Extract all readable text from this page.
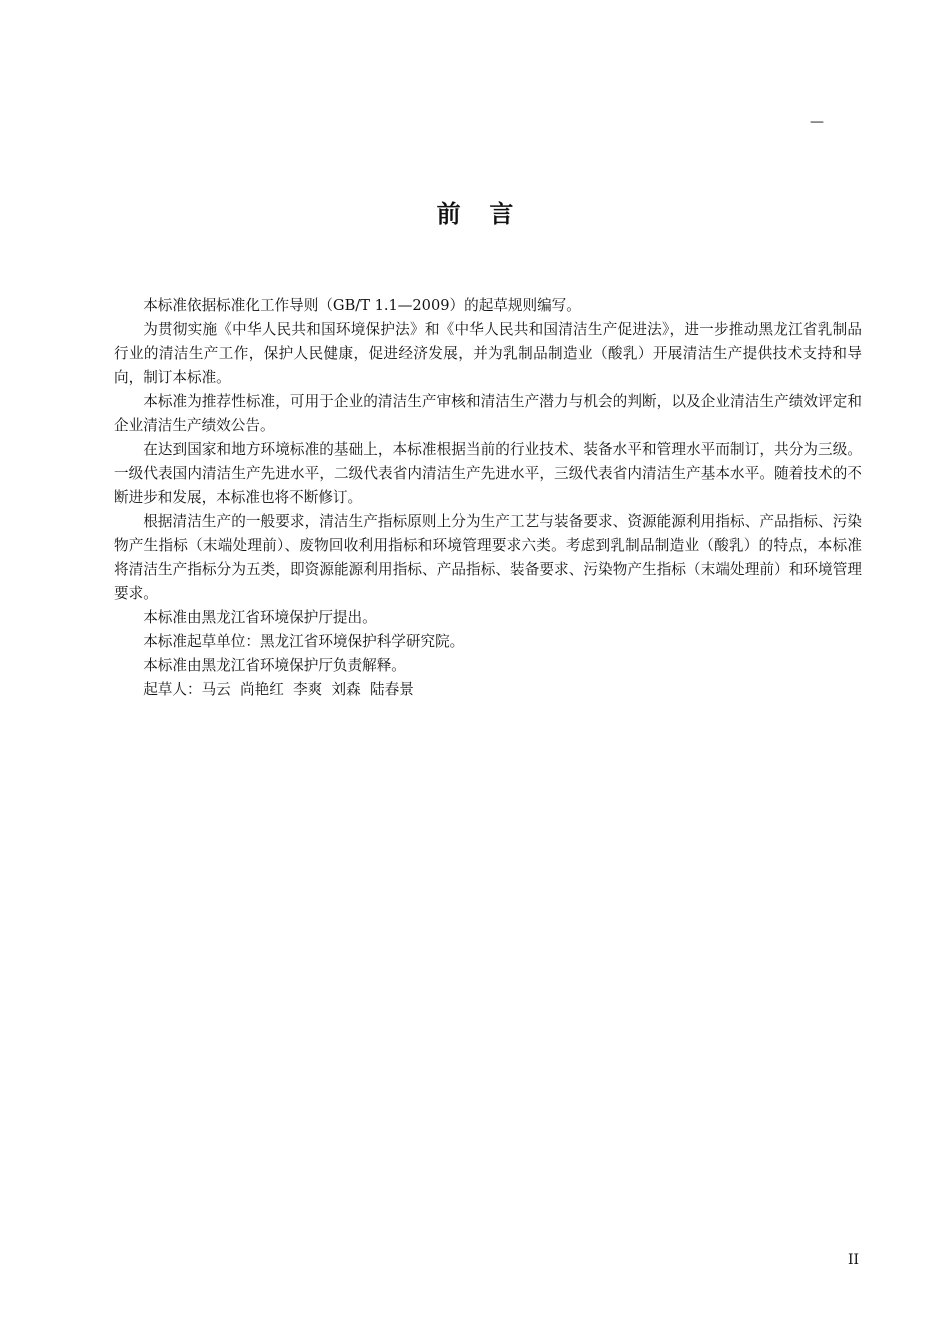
—
前言

本标准依据标准化工作导则（GB/T 1.1—2009）的起草规则编写。

为贯彻实施《中华人民共和国环境保护法》和《中华人民共和国清洁生产促进法》，进一步推动黑龙江省乳制品行业的清洁生产工作，保护人民健康，促进经济发展，并为乳制品制造业（酸乳）开展清洁生产提供技术支持和导向，制订本标准。

本标准为推荐性标准，可用于企业的清洁生产审核和清洁生产潜力与机会的判断，以及企业清洁生产绩效评定和企业清洁生产绩效公告。

在达到国家和地方环境标准的基础上，本标准根据当前的行业技术、装备水平和管理水平而制订，共分为三级。一级代表国内清洁生产先进水平，二级代表省内清洁生产先进水平，三级代表省内清洁生产基本水平。随着技术的不断进步和发展，本标准也将不断修订。

根据清洁生产的一般要求，清洁生产指标原则上分为生产工艺与装备要求、资源能源利用指标、产品指标、污染物产生指标（末端处理前）、废物回收利用指标和环境管理要求六类。考虑到乳制品制造业（酸乳）的特点，本标准将清洁生产指标分为五类，即资源能源利用指标、产品指标、装备要求、污染物产生指标（末端处理前）和环境管理要求。

本标准由黑龙江省环境保护厅提出。

本标准起草单位：黑龙江省环境保护科学研究院。

本标准由黑龙江省环境保护厅负责解释。

起草人：马云  尚艳红  李爽  刘森  陆春景

II
